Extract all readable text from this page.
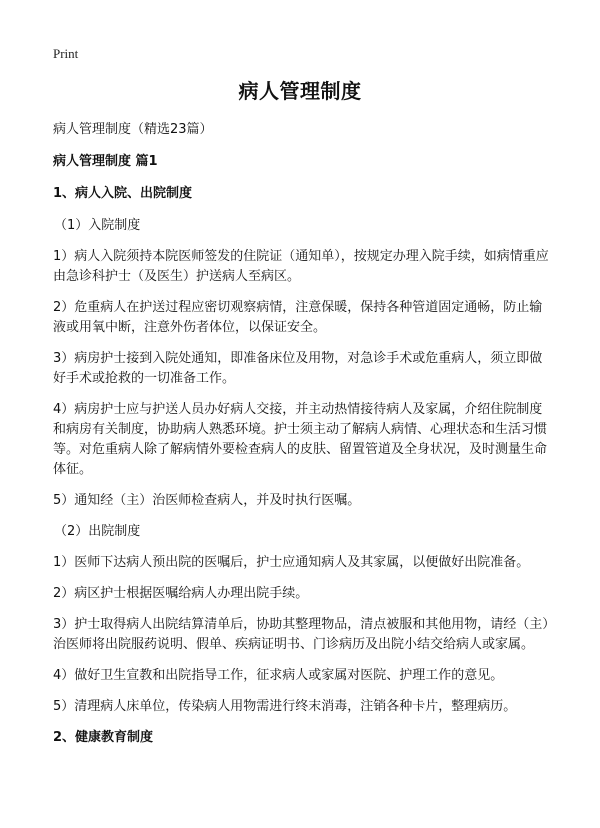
Print
病人管理制度

病人管理制度（精选23篇）

病人管理制度 篇1

1、病人入院、出院制度

（1）入院制度

1）病人入院须持本院医师签发的住院证（通知单），按规定办理入院手续，如病情重应由急诊科护士（及医生）护送病人至病区。

2）危重病人在护送过程应密切观察病情，注意保暖，保持各种管道固定通畅，防止输液或用氧中断，注意外伤者体位，以保证安全。

3）病房护士接到入院处通知，即准备床位及用物，对急诊手术或危重病人，须立即做好手术或抢救的一切准备工作。

4）病房护士应与护送人员办好病人交接，并主动热情接待病人及家属，介绍住院制度和病房有关制度，协助病人熟悉环境。护士须主动了解病人病情、心理状态和生活习惯等。对危重病人除了解病情外要检查病人的皮肤、留置管道及全身状况，及时测量生命体征。

5）通知经（主）治医师检查病人，并及时执行医嘱。

（2）出院制度

1）医师下达病人预出院的医嘱后，护士应通知病人及其家属，以便做好出院准备。

2）病区护士根据医嘱给病人办理出院手续。

3）护士取得病人出院结算清单后，协助其整理物品，清点被服和其他用物，请经（主）治医师将出院服药说明、假单、疾病证明书、门诊病历及出院小结交给病人或家属。

4）做好卫生宣教和出院指导工作，征求病人或家属对医院、护理工作的意见。

5）清理病人床单位，传染病人用物需进行终末消毒，注销各种卡片，整理病历。

2、健康教育制度
